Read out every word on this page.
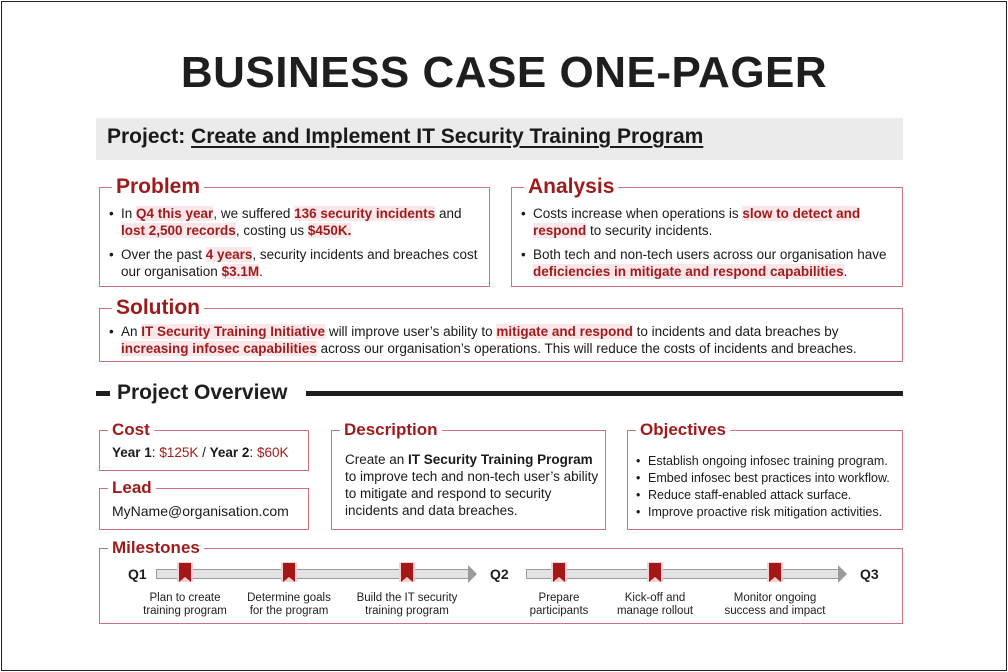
BUSINESS CASE ONE-PAGER
Project: Create and Implement IT Security Training Program
Problem
• In Q4 this year, we suffered 136 security incidents and lost 2,500 records, costing us $450K.
• Over the past 4 years, security incidents and breaches cost our organisation $3.1M.
Analysis
• Costs increase when operations is slow to detect and respond to security incidents.
• Both tech and non-tech users across our organisation have deficiencies in mitigate and respond capabilities.
Solution
• An IT Security Training Initiative will improve user’s ability to mitigate and respond to incidents and data breaches by increasing infosec capabilities across our organisation’s operations. This will reduce the costs of incidents and breaches.
Project Overview
Cost
Year 1: $125K / Year 2: $60K
Lead
MyName@organisation.com
Description
Create an IT Security Training Program to improve tech and non-tech user’s ability to mitigate and respond to security incidents and data breaches.
Objectives
• Establish ongoing infosec training program.
• Embed infosec best practices into workflow.
• Reduce staff-enabled attack surface.
• Improve proactive risk mitigation activities.
Milestones
Q1	Q2	Q3
Plan to create
training program
Determine goals
for the program
Build the IT security
training program
Prepare
participants
Kick-off and
manage rollout
Monitor ongoing
success and impact
